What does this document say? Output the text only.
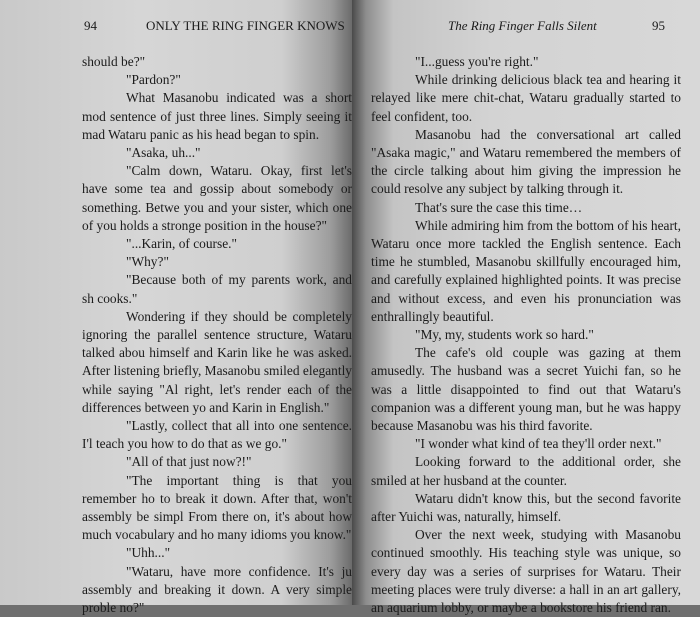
94	ONLY THE RING FINGER KNOWS

should be?"

"Pardon?"

What Masanobu indicated was a short mod sentence of just three lines. Simply seeing it mad Wataru panic as his head began to spin.

"Asaka, uh..."

"Calm down, Wataru. Okay, first let's have some tea and gossip about somebody or something. Betwe you and your sister, which one of you holds a stronge position in the house?"

"...Karin, of course."

"Why?"

"Because both of my parents work, and sh cooks."

Wondering if they should be completely ignoring the parallel sentence structure, Wataru talked abou himself and Karin like he was asked. After listening briefly, Masanobu smiled elegantly while saying "Al right, let's render each of the differences between yo and Karin in English."

"Lastly, collect that all into one sentence. I'l teach you how to do that as we go."

"All of that just now?!"

"The important thing is that you remember ho to break it down. After that, won't assembly be simpl From there on, it's about how much vocabulary and ho many idioms you know."

"Uhh..."

"Wataru, have more confidence. It's ju assembly and breaking it down. A very simple proble no?"

The Ring Finger Falls Silent	95

"I...guess you're right."

While drinking delicious black tea and hearing it relayed like mere chit-chat, Wataru gradually started to feel confident, too.

Masanobu had the conversational art called "Asaka magic," and Wataru remembered the members of the circle talking about him giving the impression he could resolve any subject by talking through it.

That's sure the case this time…

While admiring him from the bottom of his heart, Wataru once more tackled the English sentence. Each time he stumbled, Masanobu skillfully encouraged him, and carefully explained highlighted points. It was precise and without excess, and even his pronunciation was enthrallingly beautiful.

"My, my, students work so hard."

The cafe's old couple was gazing at them amusedly. The husband was a secret Yuichi fan, so he was a little disappointed to find out that Wataru's companion was a different young man, but he was happy because Masanobu was his third favorite.

"I wonder what kind of tea they'll order next."

Looking forward to the additional order, she smiled at her husband at the counter.

Wataru didn't know this, but the second favorite after Yuichi was, naturally, himself.

Over the next week, studying with Masanobu continued smoothly. His teaching style was unique, so every day was a series of surprises for Wataru. Their meeting places were truly diverse: a hall in an art gallery, an aquarium lobby, or maybe a bookstore his friend ran.
